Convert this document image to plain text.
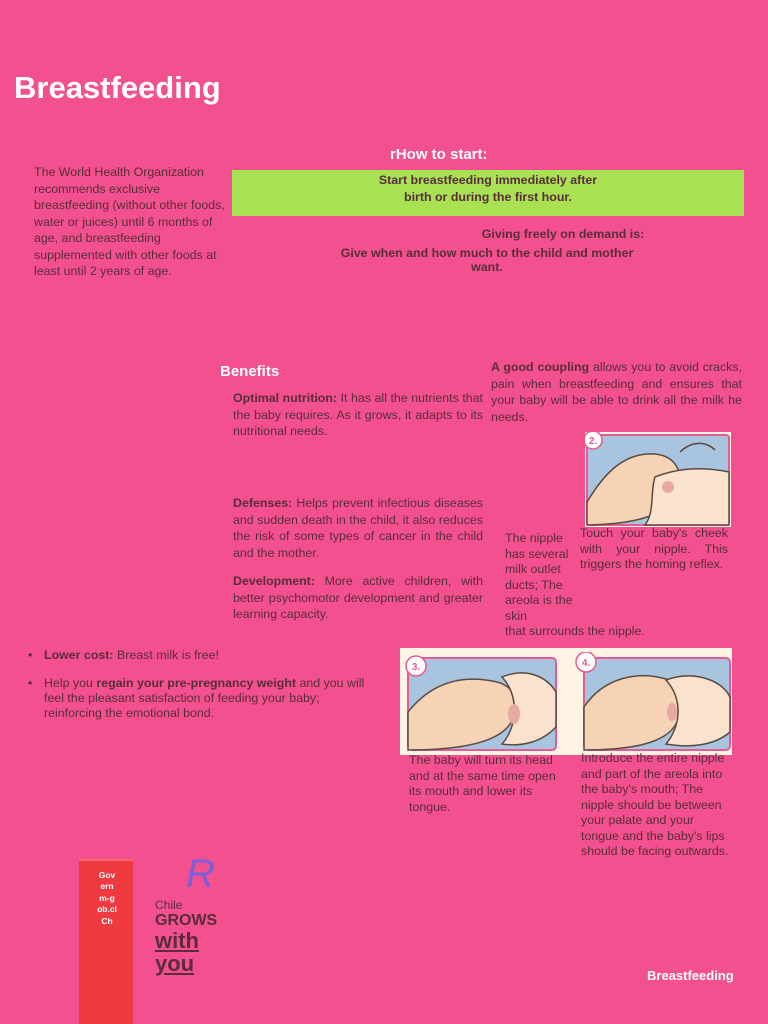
Breastfeeding
The World Health Organization recommends exclusive breastfeeding (without other foods, water or juices) until 6 months of age, and breastfeeding supplemented with other foods at least until 2 years of age.
rHow to start:
Start breastfeeding immediately after
birth or during the first hour.
Giving freely on demand is:
Give when and how much to the child and mother want.
Benefits
Optimal nutrition: It has all the nutrients that the baby requires. As it grows, it adapts to its nutritional needs.
Defenses: Helps prevent infectious diseases and sudden death in the child, it also reduces the risk of some types of cancer in the child and the mother.
Development: More active children, with better psychomotor development and greater learning capacity.
A good coupling allows you to avoid cracks, pain when breastfeeding and ensures that your baby will be able to drink all the milk he needs.
• Lower cost: Breast milk is free!
• Help you regain your pre-pregnancy weight and you will feel the pleasant satisfaction of feeding your baby; reinforcing the emotional bond.
2.
The nipple has several milk outlet ducts; The areola is the skin
that surrounds the nipple.
Touch your baby's cheek with your nipple. This triggers the homing reflex.
3.	4.
The baby will turn its head and at the same time open its mouth and lower its tongue.
Introduce the entire nipple and part of the areola into the baby's mouth; The nipple should be between your palate and your tongue and the baby's lips should be facing outwards.
Governm‐gob.cl Ch
R
Chile
GROWS
with
you	Breastfeeding
